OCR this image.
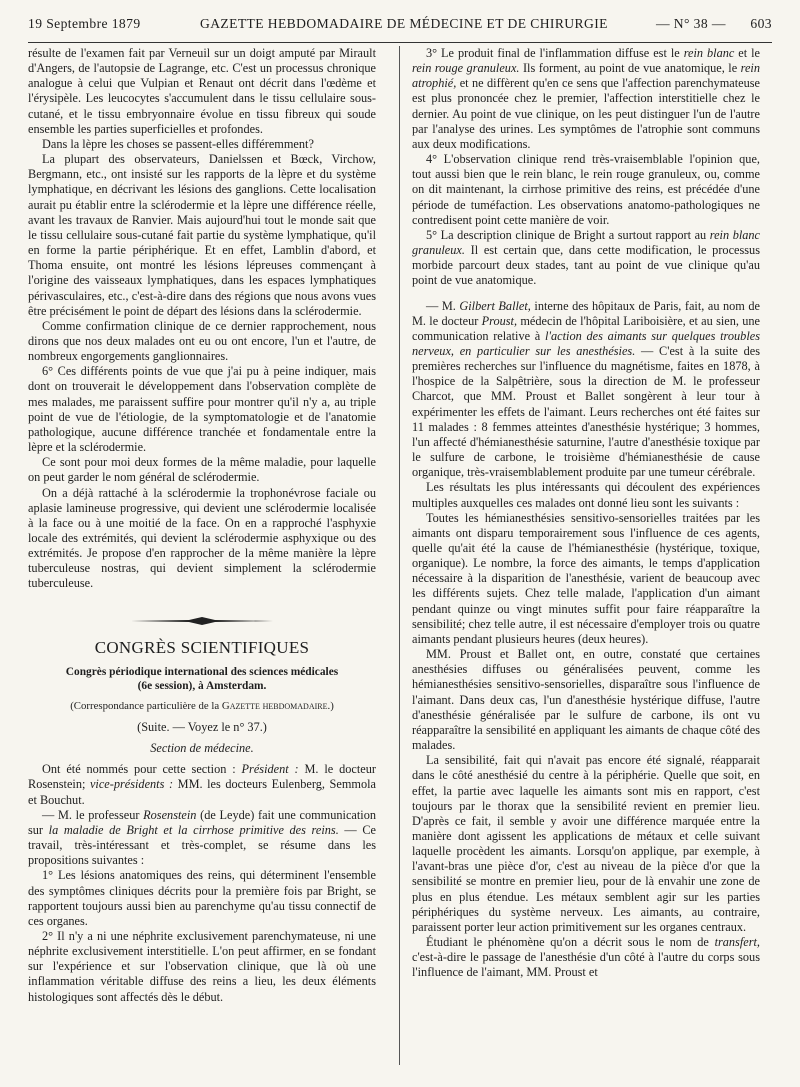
19 Septembre 1879	GAZETTE HEBDOMADAIRE DE MÉDECINE ET DE CHIRURGIE	— N° 38 — 603

résulte de l'examen fait par Verneuil sur un doigt amputé par Mirault d'Angers, de l'autopsie de Lagrange, etc. C'est un processus chronique analogue à celui que Vulpian et Renaut ont décrit dans l'œdème et l'érysipèle. Les leucocytes s'accumulent dans le tissu cellulaire sous-cutané, et le tissu embryonnaire évolue en tissu fibreux qui soude ensemble les parties superficielles et profondes.

Dans la lèpre les choses se passent-elles différemment?

La plupart des observateurs, Danielssen et Bœck, Virchow, Bergmann, etc., ont insisté sur les rapports de la lèpre et du système lymphatique, en décrivant les lésions des ganglions. Cette localisation aurait pu établir entre la sclérodermie et la lèpre une différence réelle, avant les travaux de Ranvier. Mais aujourd'hui tout le monde sait que le tissu cellulaire sous-cutané fait partie du système lymphatique, qu'il en forme la partie périphérique. Et en effet, Lamblin d'abord, et Thoma ensuite, ont montré les lésions lépreuses commençant à l'origine des vaisseaux lymphatiques, dans les espaces lymphatiques périvasculaires, etc., c'est-à-dire dans des régions que nous avons vues être précisément le point de départ des lésions dans la sclérodermie.

Comme confirmation clinique de ce dernier rapprochement, nous dirons que nos deux malades ont eu ou ont encore, l'un et l'autre, de nombreux engorgements ganglionnaires.

6° Ces différents points de vue que j'ai pu à peine indiquer, mais dont on trouverait le développement dans l'observation complète de mes malades, me paraissent suffire pour montrer qu'il n'y a, au triple point de vue de l'étiologie, de la symptomatologie et de l'anatomie pathologique, aucune différence tranchée et fondamentale entre la lèpre et la sclérodermie.

Ce sont pour moi deux formes de la même maladie, pour laquelle on peut garder le nom général de sclérodermie.

On a déjà rattaché à la sclérodermie la trophonévrose faciale ou aplasie lamineuse progressive, qui devient une sclérodermie localisée à la face ou à une moitié de la face. On en a rapproché l'asphyxie locale des extrémités, qui devient la sclérodermie asphyxique ou des extrémités. Je propose d'en rapprocher de la même manière la lèpre tuberculeuse nostras, qui devient simplement la sclérodermie tuberculeuse.

CONGRÈS SCIENTIFIQUES
Congrès périodique international des sciences médicales
(6e session), à Amsterdam.
(Correspondance particulière de la Gazette hebdomadaire.)
(Suite. — Voyez le n° 37.)
Section de médecine.

Ont été nommés pour cette section : Président : M. le docteur Rosenstein; vice-présidents : MM. les docteurs Eulenberg, Semmola et Bouchut.

— M. le professeur Rosenstein (de Leyde) fait une communication sur la maladie de Bright et la cirrhose primitive des reins. — Ce travail, très-intéressant et très-complet, se résume dans les propositions suivantes :

1° Les lésions anatomiques des reins, qui déterminent l'ensemble des symptômes cliniques décrits pour la première fois par Bright, se rapportent toujours aussi bien au parenchyme qu'au tissu connectif de ces organes.

2° Il n'y a ni une néphrite exclusivement parenchymateuse, ni une néphrite exclusivement interstitielle. L'on peut affirmer, en se fondant sur l'expérience et sur l'observation clinique, que là où une inflammation véritable diffuse des reins a lieu, les deux éléments histologiques sont affectés dès le début.

3° Le produit final de l'inflammation diffuse est le rein blanc et le rein rouge granuleux. Ils forment, au point de vue anatomique, le rein atrophié, et ne diffèrent qu'en ce sens que l'affection parenchymateuse est plus prononcée chez le premier, l'affection interstitielle chez le dernier. Au point de vue clinique, on les peut distinguer l'un de l'autre par l'analyse des urines. Les symptômes de l'atrophie sont communs aux deux modifications.

4° L'observation clinique rend très-vraisemblable l'opinion que, tout aussi bien que le rein blanc, le rein rouge granuleux, ou, comme on dit maintenant, la cirrhose primitive des reins, est précédée d'une période de tuméfaction. Les observations anatomo-pathologiques ne contredisent point cette manière de voir.

5° La description clinique de Bright a surtout rapport au rein blanc granuleux. Il est certain que, dans cette modification, le processus morbide parcourt deux stades, tant au point de vue clinique qu'au point de vue anatomique.

— M. Gilbert Ballet, interne des hôpitaux de Paris, fait, au nom de M. le docteur Proust, médecin de l'hôpital Lariboisière, et au sien, une communication relative à l'action des aimants sur quelques troubles nerveux, en particulier sur les anesthésies. — C'est à la suite des premières recherches sur l'influence du magnétisme, faites en 1878, à l'hospice de la Salpêtrière, sous la direction de M. le professeur Charcot, que MM. Proust et Ballet songèrent à leur tour à expérimenter les effets de l'aimant. Leurs recherches ont été faites sur 11 malades : 8 femmes atteintes d'anesthésie hystérique; 3 hommes, l'un affecté d'hémianesthésie saturnine, l'autre d'anesthésie toxique par le sulfure de carbone, le troisième d'hémianesthésie de cause organique, très-vraisemblablement produite par une tumeur cérébrale.

Les résultats les plus intéressants qui découlent des expériences multiples auxquelles ces malades ont donné lieu sont les suivants :

Toutes les hémianesthésies sensitivo-sensorielles traitées par les aimants ont disparu temporairement sous l'influence de ces agents, quelle qu'ait été la cause de l'hémianesthésie (hystérique, toxique, organique). Le nombre, la force des aimants, le temps d'application nécessaire à la disparition de l'anesthésie, varient de beaucoup avec les différents sujets. Chez telle malade, l'application d'un aimant pendant quinze ou vingt minutes suffit pour faire réapparaître la sensibilité; chez telle autre, il est nécessaire d'employer trois ou quatre aimants pendant plusieurs heures (deux heures).

MM. Proust et Ballet ont, en outre, constaté que certaines anesthésies diffuses ou généralisées peuvent, comme les hémianesthésies sensitivo-sensorielles, disparaître sous l'influence de l'aimant. Dans deux cas, l'un d'anesthésie hystérique diffuse, l'autre d'anesthésie généralisée par le sulfure de carbone, ils ont vu réapparaître la sensibilité en appliquant les aimants de chaque côté des malades.

La sensibilité, fait qui n'avait pas encore été signalé, réapparait dans le côté anesthésié du centre à la périphérie. Quelle que soit, en effet, la partie avec laquelle les aimants sont mis en rapport, c'est toujours par le thorax que la sensibilité revient en premier lieu. D'après ce fait, il semble y avoir une différence marquée entre la manière dont agissent les applications de métaux et celle suivant laquelle procèdent les aimants. Lorsqu'on applique, par exemple, à l'avant-bras une pièce d'or, c'est au niveau de la pièce d'or que la sensibilité se montre en premier lieu, pour de là envahir une zone de plus en plus étendue. Les métaux semblent agir sur les parties périphériques du système nerveux. Les aimants, au contraire, paraissent porter leur action primitivement sur les organes centraux.

Étudiant le phénomène qu'on a décrit sous le nom de transfert, c'est-à-dire le passage de l'anesthésie d'un côté à l'autre du corps sous l'influence de l'aimant, MM. Proust et
